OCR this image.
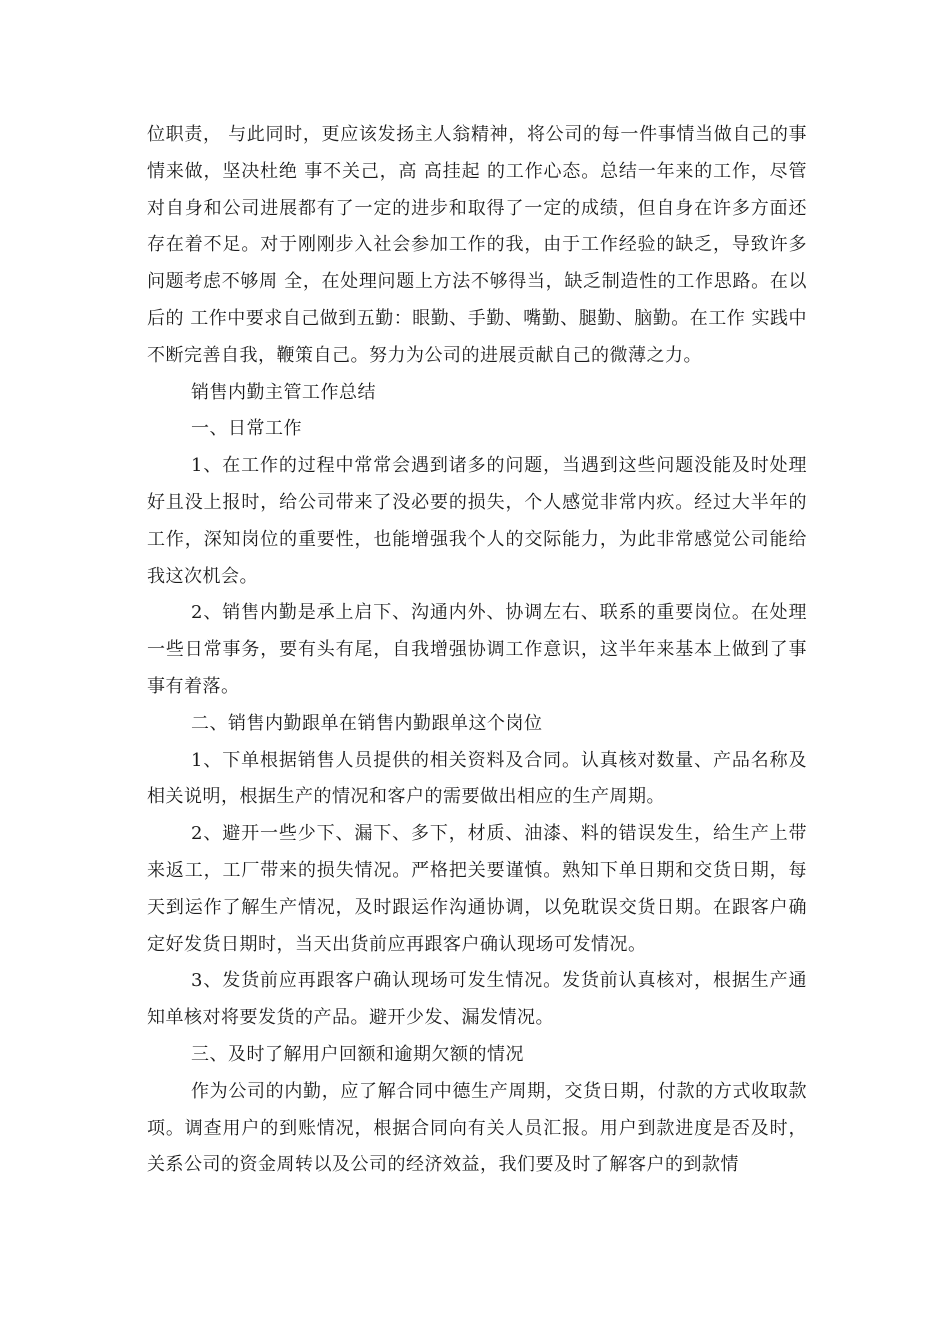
位职责， 与此同时，更应该发扬主人翁精神，将公司的每一件事情当做自己的事情来做，坚决杜绝 事不关己，高 高挂起 的工作心态。总结一年来的工作，尽管对自身和公司进展都有了一定的进步和取得了一定的成绩，但自身在许多方面还存在着不足。对于刚刚步入社会参加工作的我，由于工作经验的缺乏，导致许多问题考虑不够周 全，在处理问题上方法不够得当，缺乏制造性的工作思路。在以后的 工作中要求自己做到五勤：眼勤、手勤、嘴勤、腿勤、脑勤。在工作 实践中不断完善自我，鞭策自己。努力为公司的进展贡献自己的微薄之力。

销售内勤主管工作总结

一、日常工作

1、在工作的过程中常常会遇到诸多的问题，当遇到这些问题没能及时处理好且没上报时，给公司带来了没必要的损失，个人感觉非常内疚。经过大半年的工作，深知岗位的重要性，也能增强我个人的交际能力，为此非常感觉公司能给我这次机会。

2、销售内勤是承上启下、沟通内外、协调左右、联系的重要岗位。在处理一些日常事务，要有头有尾，自我增强协调工作意识，这半年来基本上做到了事事有着落。

二、销售内勤跟单在销售内勤跟单这个岗位

1、下单根据销售人员提供的相关资料及合同。认真核对数量、产品名称及相关说明，根据生产的情况和客户的需要做出相应的生产周期。

2、避开一些少下、漏下、多下，材质、油漆、料的错误发生，给生产上带来返工，工厂带来的损失情况。严格把关要谨慎。熟知下单日期和交货日期，每天到运作了解生产情况，及时跟运作沟通协调，以免耽误交货日期。在跟客户确定好发货日期时，当天出货前应再跟客户确认现场可发情况。

3、发货前应再跟客户确认现场可发生情况。发货前认真核对，根据生产通知单核对将要发货的产品。避开少发、漏发情况。

三、及时了解用户回额和逾期欠额的情况

作为公司的内勤，应了解合同中德生产周期，交货日期，付款的方式收取款项。调查用户的到账情况，根据合同向有关人员汇报。用户到款进度是否及时，关系公司的资金周转以及公司的经济效益，我们要及时了解客户的到款情
